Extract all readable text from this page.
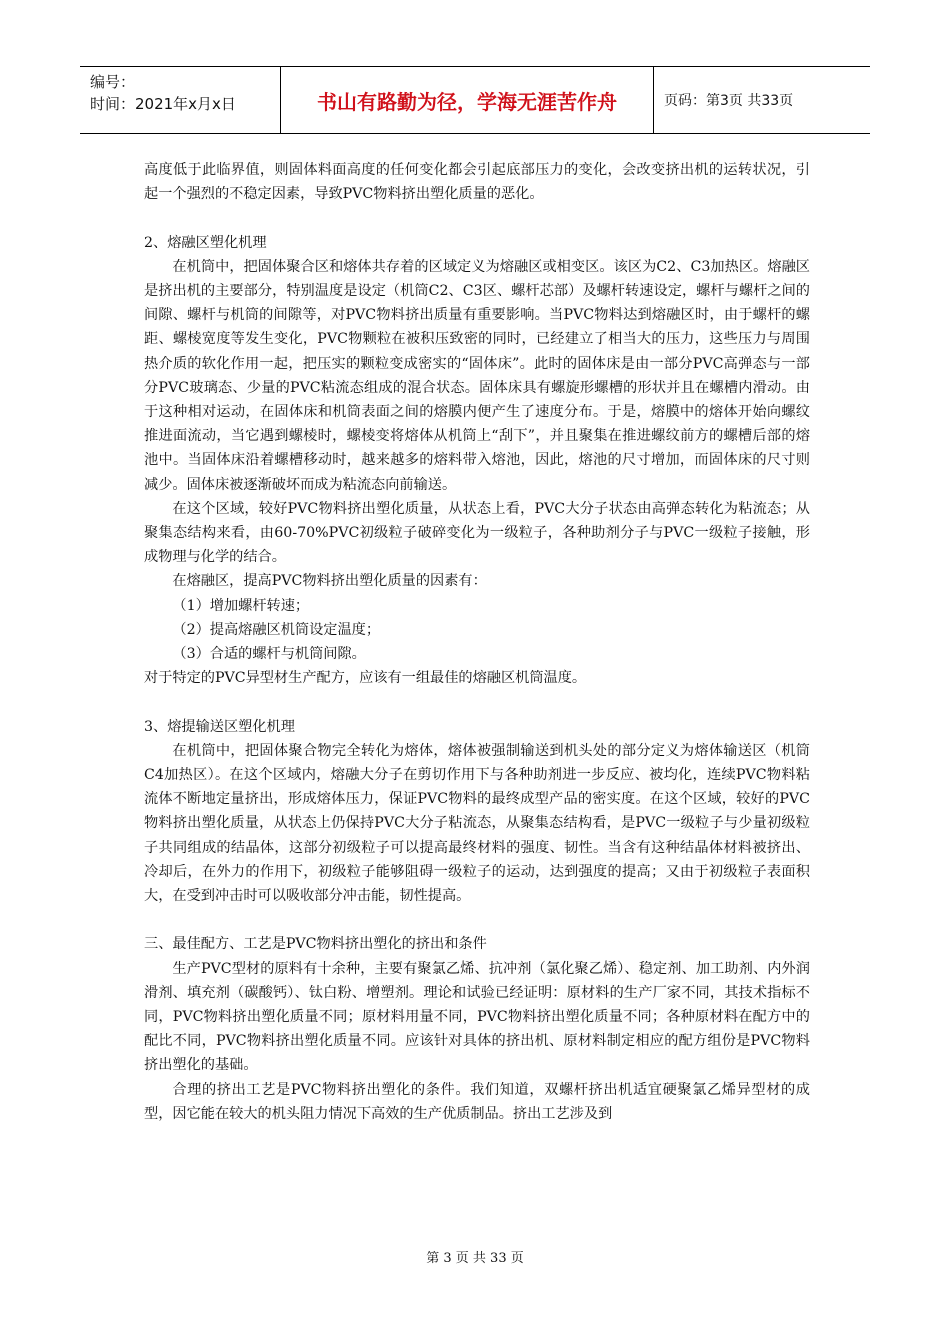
编号：
时间：2021年x月x日	书山有路勤为径，学海无涯苦作舟	页码：第3页 共33页

高度低于此临界值，则固体料面高度的任何变化都会引起底部压力的变化，会改变挤出机的运转状况，引起一个强烈的不稳定因素，导致PVC物料挤出塑化质量的恶化。

2、熔融区塑化机理

在机筒中，把固体聚合区和熔体共存着的区域定义为熔融区或相变区。该区为C2、C3加热区。熔融区是挤出机的主要部分，特别温度是设定（机筒C2、C3区、螺杆芯部）及螺杆转速设定，螺杆与螺杆之间的间隙、螺杆与机筒的间隙等，对PVC物料挤出质量有重要影响。当PVC物料达到熔融区时，由于螺杆的螺距、螺棱宽度等发生变化，PVC物颗粒在被积压致密的同时，已经建立了相当大的压力，这些压力与周围热介质的软化作用一起，把压实的颗粒变成密实的“固体床”。此时的固体床是由一部分PVC高弹态与一部分PVC玻璃态、少量的PVC粘流态组成的混合状态。固体床具有螺旋形螺槽的形状并且在螺槽内滑动。由于这种相对运动，在固体床和机筒表面之间的熔膜内便产生了速度分布。于是，熔膜中的熔体开始向螺纹推进面流动，当它遇到螺棱时，螺棱变将熔体从机筒上“刮下”，并且聚集在推进螺纹前方的螺槽后部的熔池中。当固体床沿着螺槽移动时，越来越多的熔料带入熔池，因此，熔池的尺寸增加，而固体床的尺寸则减少。固体床被逐渐破坏而成为粘流态向前输送。

在这个区域，较好PVC物料挤出塑化质量，从状态上看，PVC大分子状态由高弹态转化为粘流态；从聚集态结构来看，由60-70%PVC初级粒子破碎变化为一级粒子，各种助剂分子与PVC一级粒子接触，形成物理与化学的结合。

在熔融区，提高PVC物料挤出塑化质量的因素有：

（1）增加螺杆转速；

（2）提高熔融区机筒设定温度；

（3）合适的螺杆与机筒间隙。

对于特定的PVC异型材生产配方，应该有一组最佳的熔融区机筒温度。

3、熔提输送区塑化机理

在机筒中，把固体聚合物完全转化为熔体，熔体被强制输送到机头处的部分定义为熔体输送区（机筒C4加热区）。在这个区域内，熔融大分子在剪切作用下与各种助剂进一步反应、被均化，连续PVC物料粘流体不断地定量挤出，形成熔体压力，保证PVC物料的最终成型产品的密实度。在这个区域，较好的PVC物料挤出塑化质量，从状态上仍保持PVC大分子粘流态，从聚集态结构看，是PVC一级粒子与少量初级粒子共同组成的结晶体，这部分初级粒子可以提高最终材料的强度、韧性。当含有这种结晶体材料被挤出、冷却后，在外力的作用下，初级粒子能够阻碍一级粒子的运动，达到强度的提高；又由于初级粒子表面积大，在受到冲击时可以吸收部分冲击能，韧性提高。

三、最佳配方、工艺是PVC物料挤出塑化的挤出和条件

生产PVC型材的原料有十余种，主要有聚氯乙烯、抗冲剂（氯化聚乙烯）、稳定剂、加工助剂、内外润滑剂、填充剂（碳酸钙）、钛白粉、增塑剂。理论和试验已经证明：原材料的生产厂家不同，其技术指标不同，PVC物料挤出塑化质量不同；原材料用量不同，PVC物料挤出塑化质量不同；各种原材料在配方中的配比不同，PVC物料挤出塑化质量不同。应该针对具体的挤出机、原材料制定相应的配方组份是PVC物料挤出塑化的基础。

合理的挤出工艺是PVC物料挤出塑化的条件。我们知道，双螺杆挤出机适宜硬聚氯乙烯异型材的成型，因它能在较大的机头阻力情况下高效的生产优质制品。挤出工艺涉及到

第 3 页 共 33 页
